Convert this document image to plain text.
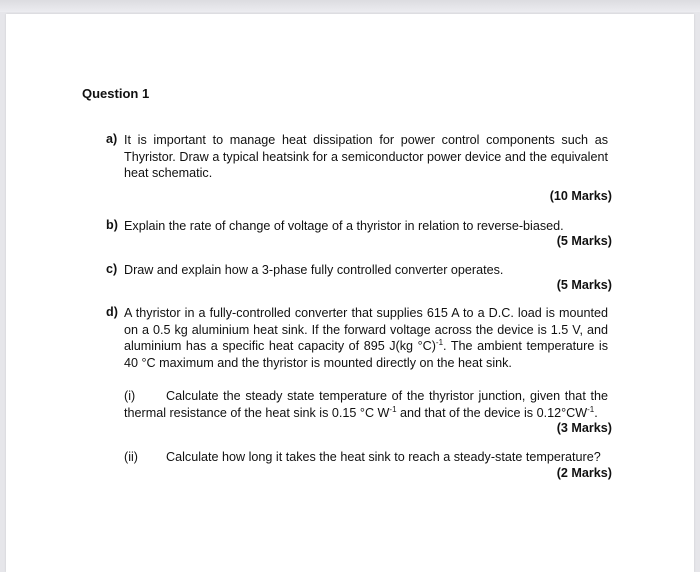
Question 1
a) It is important to manage heat dissipation for power control components such as Thyristor. Draw a typical heatsink for a semiconductor power device and the equivalent heat schematic.
(10 Marks)
b) Explain the rate of change of voltage of a thyristor in relation to reverse-biased.
(5 Marks)
c) Draw and explain how a 3-phase fully controlled converter operates.
(5 Marks)
d) A thyristor in a fully-controlled converter that supplies 615 A to a D.C. load is mounted on a 0.5 kg aluminium heat sink. If the forward voltage across the device is 1.5 V, and aluminium has a specific heat capacity of 895 J(kg °C)$^{-1}$. The ambient temperature is 40 °C maximum and the thyristor is mounted directly on the heat sink.
(i) Calculate the steady state temperature of the thyristor junction, given that the thermal resistance of the heat sink is 0.15 °C $W^{-1}$ and that of the device is $0.12^\circ CW^{-1}$.
(3 Marks)
(ii) Calculate how long it takes the heat sink to reach a steady-state temperature?
(2 Marks)
